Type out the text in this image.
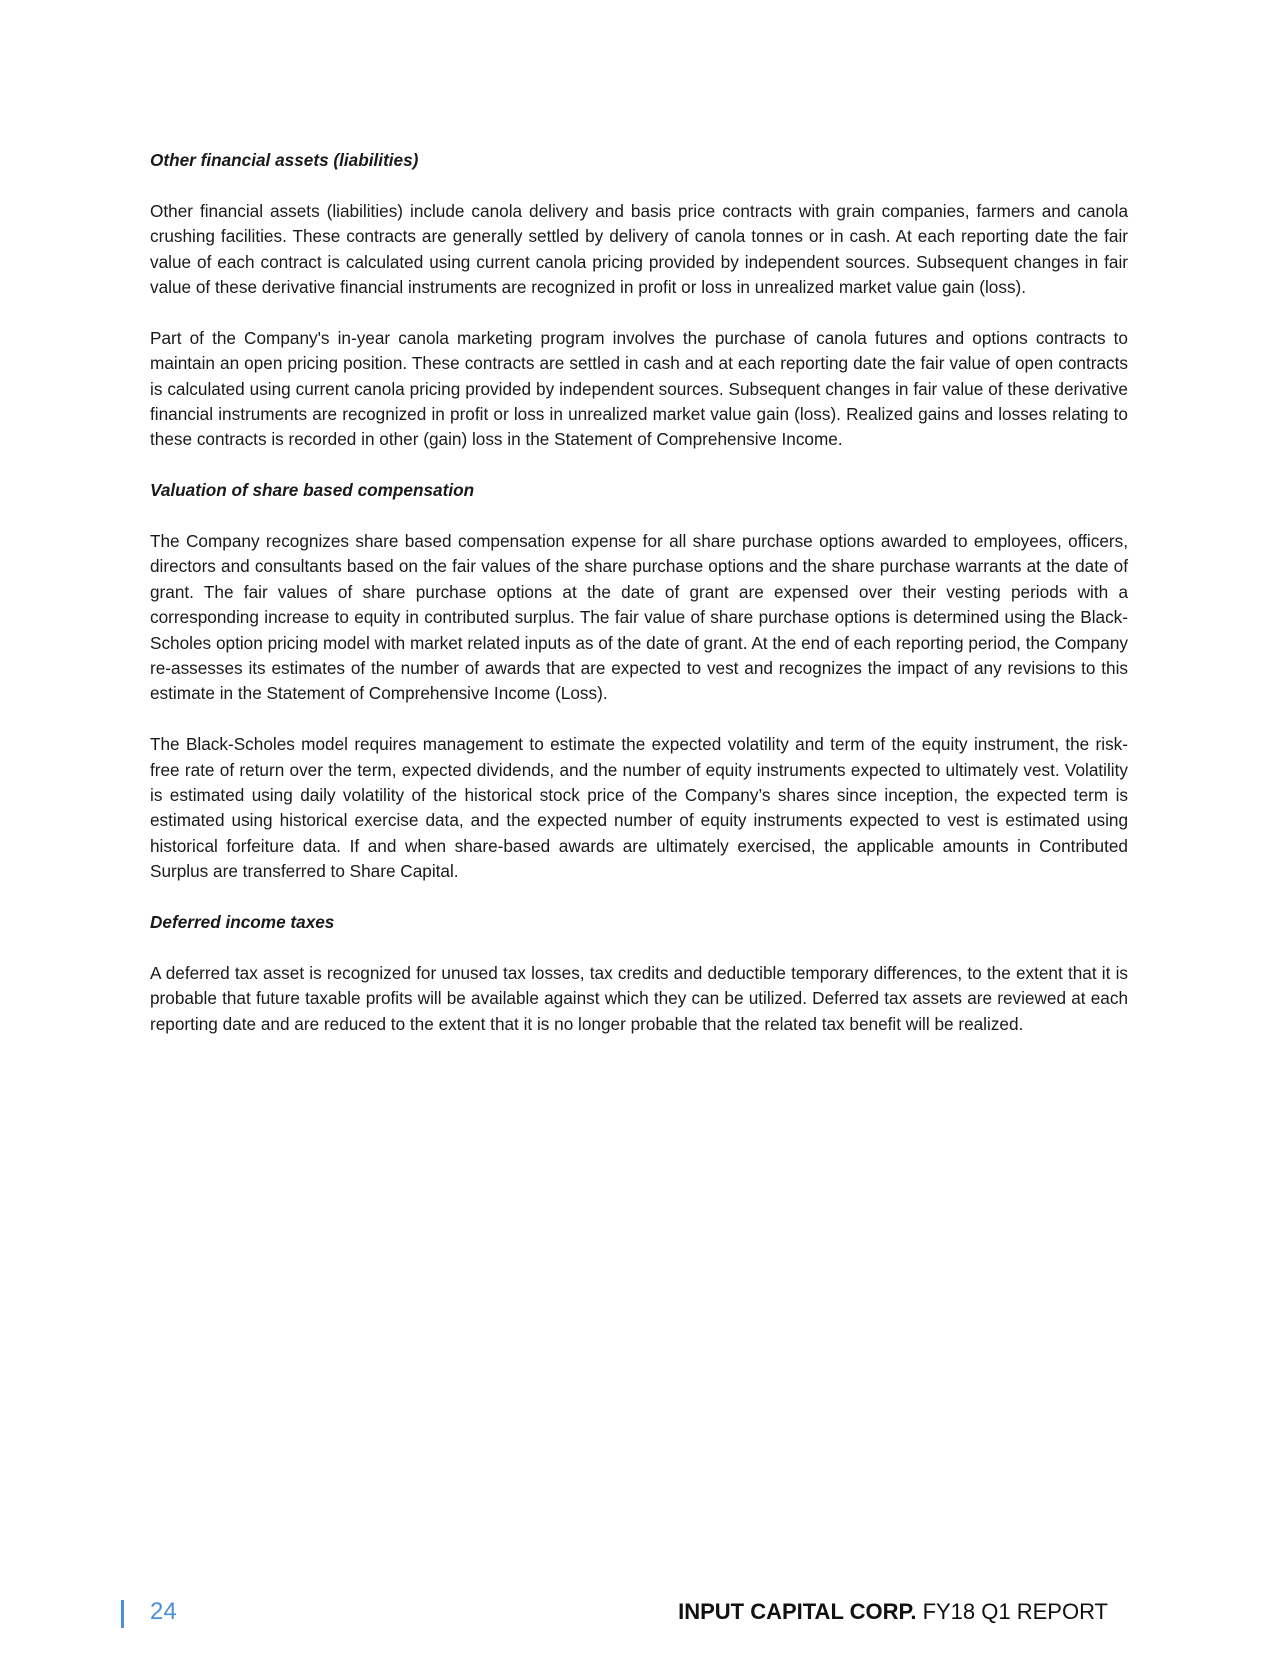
Other financial assets (liabilities)

Other financial assets (liabilities) include canola delivery and basis price contracts with grain companies, farmers and canola crushing facilities. These contracts are generally settled by delivery of canola tonnes or in cash. At each reporting date the fair value of each contract is calculated using current canola pricing provided by independent sources. Subsequent changes in fair value of these derivative financial instruments are recognized in profit or loss in unrealized market value gain (loss).

Part of the Company's in-year canola marketing program involves the purchase of canola futures and options contracts to maintain an open pricing position. These contracts are settled in cash and at each reporting date the fair value of open contracts is calculated using current canola pricing provided by independent sources. Subsequent changes in fair value of these derivative financial instruments are recognized in profit or loss in unrealized market value gain (loss). Realized gains and losses relating to these contracts is recorded in other (gain) loss in the Statement of Comprehensive Income.

Valuation of share based compensation

The Company recognizes share based compensation expense for all share purchase options awarded to employees, officers, directors and consultants based on the fair values of the share purchase options and the share purchase warrants at the date of grant. The fair values of share purchase options at the date of grant are expensed over their vesting periods with a corresponding increase to equity in contributed surplus. The fair value of share purchase options is determined using the Black-Scholes option pricing model with market related inputs as of the date of grant. At the end of each reporting period, the Company re-assesses its estimates of the number of awards that are expected to vest and recognizes the impact of any revisions to this estimate in the Statement of Comprehensive Income (Loss).

The Black-Scholes model requires management to estimate the expected volatility and term of the equity instrument, the risk-free rate of return over the term, expected dividends, and the number of equity instruments expected to ultimately vest. Volatility is estimated using daily volatility of the historical stock price of the Company’s shares since inception, the expected term is estimated using historical exercise data, and the expected number of equity instruments expected to vest is estimated using historical forfeiture data. If and when share-based awards are ultimately exercised, the applicable amounts in Contributed Surplus are transferred to Share Capital.

Deferred income taxes

A deferred tax asset is recognized for unused tax losses, tax credits and deductible temporary differences, to the extent that it is probable that future taxable profits will be available against which they can be utilized. Deferred tax assets are reviewed at each reporting date and are reduced to the extent that it is no longer probable that the related tax benefit will be realized.

24	INPUT CAPITAL CORP. FY18 Q1 REPORT
